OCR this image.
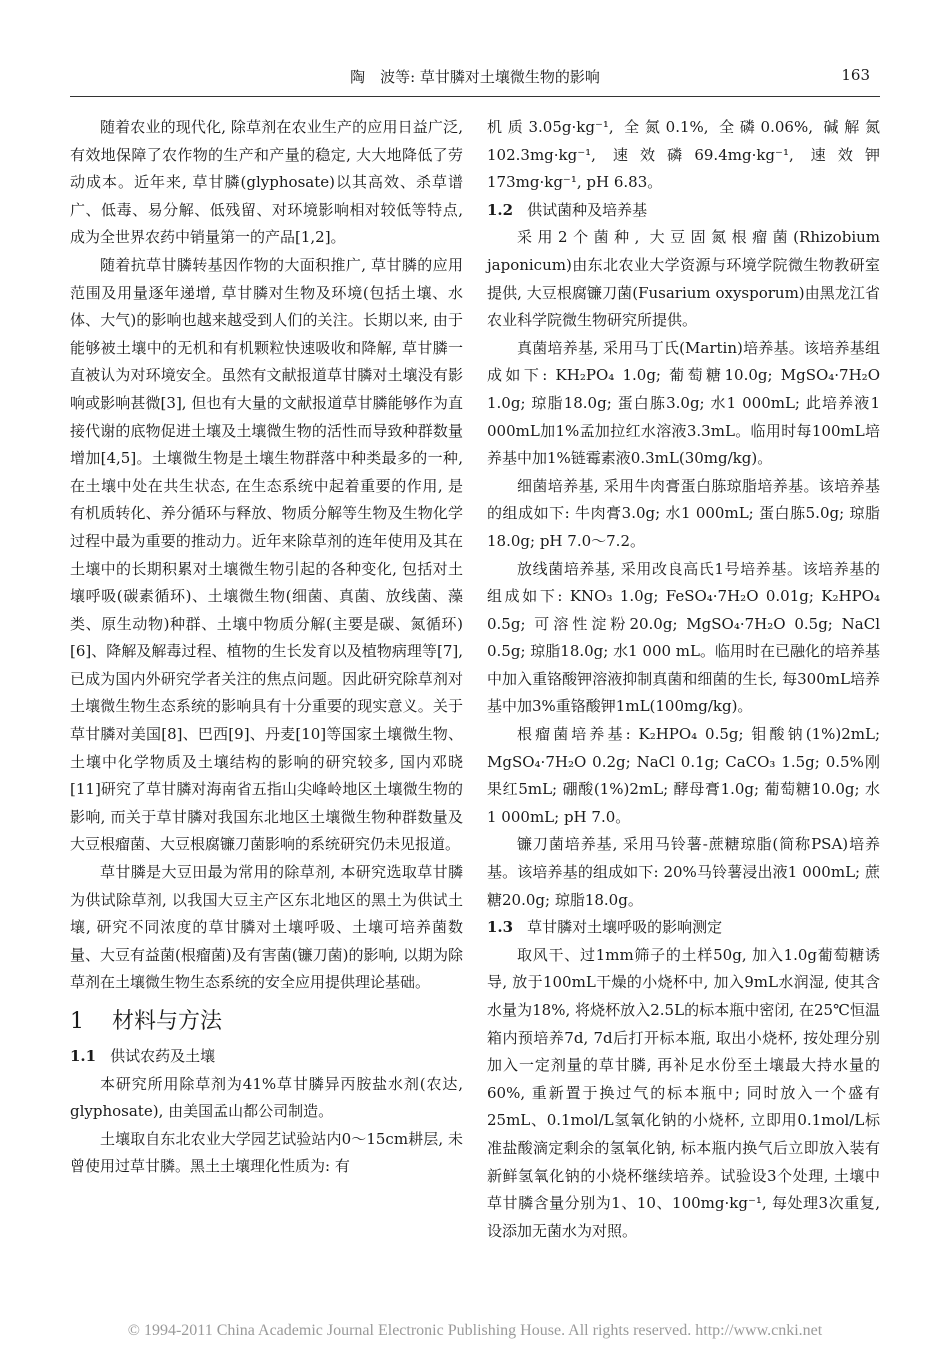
陶　波等: 草甘膦对土壤微生物的影响	163

随着农业的现代化, 除草剂在农业生产的应用日益广泛, 有效地保障了农作物的生产和产量的稳定, 大大地降低了劳动成本。近年来, 草甘膦(glyphosate)以其高效、杀草谱广、低毒、易分解、低残留、对环境影响相对较低等特点, 成为全世界农药中销量第一的产品[1,2]。

随着抗草甘膦转基因作物的大面积推广, 草甘膦的应用范围及用量逐年递增, 草甘膦对生物及环境(包括土壤、水体、大气)的影响也越来越受到人们的关注。长期以来, 由于能够被土壤中的无机和有机颗粒快速吸收和降解, 草甘膦一直被认为对环境安全。虽然有文献报道草甘膦对土壤没有影响或影响甚微[3], 但也有大量的文献报道草甘膦能够作为直接代谢的底物促进土壤及土壤微生物的活性而导致种群数量增加[4,5]。土壤微生物是土壤生物群落中种类最多的一种, 在土壤中处在共生状态, 在生态系统中起着重要的作用, 是有机质转化、养分循环与释放、物质分解等生物及生物化学过程中最为重要的推动力。近年来除草剂的连年使用及其在土壤中的长期积累对土壤微生物引起的各种变化, 包括对土壤呼吸(碳素循环)、土壤微生物(细菌、真菌、放线菌、藻类、原生动物)种群、土壤中物质分解(主要是碳、氮循环)[6]、降解及解毒过程、植物的生长发育以及植物病理等[7], 已成为国内外研究学者关注的焦点问题。因此研究除草剂对土壤微生物生态系统的影响具有十分重要的现实意义。关于草甘膦对美国[8]、巴西[9]、丹麦[10]等国家土壤微生物、土壤中化学物质及土壤结构的影响的研究较多, 国内邓晓[11]研究了草甘膦对海南省五指山尖峰岭地区土壤微生物的影响, 而关于草甘膦对我国东北地区土壤微生物种群数量及大豆根瘤菌、大豆根腐镰刀菌影响的系统研究仍未见报道。

草甘膦是大豆田最为常用的除草剂, 本研究选取草甘膦为供试除草剂, 以我国大豆主产区东北地区的黑土为供试土壤, 研究不同浓度的草甘膦对土壤呼吸、土壤可培养菌数量、大豆有益菌(根瘤菌)及有害菌(镰刀菌)的影响, 以期为除草剂在土壤微生物生态系统的安全应用提供理论基础。

1 材料与方法
1.1 供试农药及土壤

本研究所用除草剂为41%草甘膦异丙胺盐水剂(农达, glyphosate), 由美国孟山都公司制造。

土壤取自东北农业大学园艺试验站内0～15cm耕层, 未曾使用过草甘膦。黑土土壤理化性质为: 有

机质3.05g·kg⁻¹, 全氮0.1%, 全磷0.06%, 碱解氮102.3mg·kg⁻¹, 速效磷69.4mg·kg⁻¹, 速效钾173mg·kg⁻¹, pH 6.83。

1.2 供试菌种及培养基

采用2个菌种, 大豆固氮根瘤菌(Rhizobium japonicum)由东北农业大学资源与环境学院微生物教研室提供, 大豆根腐镰刀菌(Fusarium oxysporum)由黑龙江省农业科学院微生物研究所提供。

真菌培养基, 采用马丁氏(Martin)培养基。该培养基组成如下: KH₂PO₄ 1.0g; 葡萄糖10.0g; MgSO₄·7H₂O 1.0g; 琼脂18.0g; 蛋白胨3.0g; 水1 000mL; 此培养液1 000mL加1%孟加拉红水溶液3.3mL。临用时每100mL培养基中加1%链霉素液0.3mL(30mg/kg)。

细菌培养基, 采用牛肉膏蛋白胨琼脂培养基。该培养基的组成如下: 牛肉膏3.0g; 水1 000mL; 蛋白胨5.0g; 琼脂18.0g; pH 7.0～7.2。

放线菌培养基, 采用改良高氏1号培养基。该培养基的组成如下: KNO₃ 1.0g; FeSO₄·7H₂O 0.01g; K₂HPO₄ 0.5g; 可溶性淀粉20.0g; MgSO₄·7H₂O 0.5g; NaCl 0.5g; 琼脂18.0g; 水1 000 mL。临用时在已融化的培养基中加入重铬酸钾溶液抑制真菌和细菌的生长, 每300mL培养基中加3%重铬酸钾1mL(100mg/kg)。

根瘤菌培养基: K₂HPO₄ 0.5g; 钼酸钠(1%)2mL; MgSO₄·7H₂O 0.2g; NaCl 0.1g; CaCO₃ 1.5g; 0.5%刚果红5mL; 硼酸(1%)2mL; 酵母膏1.0g; 葡萄糖10.0g; 水1 000mL; pH 7.0。

镰刀菌培养基, 采用马铃薯-蔗糖琼脂(简称PSA)培养基。该培养基的组成如下: 20%马铃薯浸出液1 000mL; 蔗糖20.0g; 琼脂18.0g。

1.3 草甘膦对土壤呼吸的影响测定

取风干、过1mm筛子的土样50g, 加入1.0g葡萄糖诱导, 放于100mL干燥的小烧杯中, 加入9mL水润湿, 使其含水量为18%, 将烧杯放入2.5L的标本瓶中密闭, 在25℃恒温箱内预培养7d, 7d后打开标本瓶, 取出小烧杯, 按处理分别加入一定剂量的草甘膦, 再补足水份至土壤最大持水量的60%, 重新置于换过气的标本瓶中; 同时放入一个盛有25mL、0.1mol/L氢氧化钠的小烧杯, 立即用0.1mol/L标准盐酸滴定剩余的氢氧化钠, 标本瓶内换气后立即放入装有新鲜氢氧化钠的小烧杯继续培养。试验设3个处理, 土壤中草甘膦含量分别为1、10、100mg·kg⁻¹, 每处理3次重复, 设添加无菌水为对照。

© 1994-2011 China Academic Journal Electronic Publishing House. All rights reserved. http://www.cnki.net
